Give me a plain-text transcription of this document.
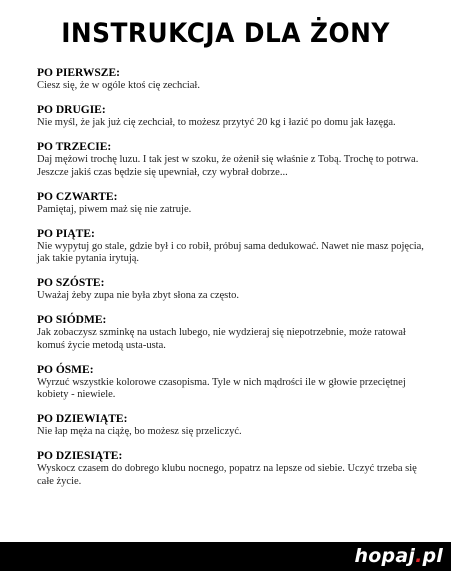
INSTRUKCJA DLA ŻONY
PO PIERWSZE:
Ciesz się, że w ogóle ktoś cię zechciał.
PO DRUGIE:
Nie myśl, że jak już cię zechciał, to możesz przytyć 20 kg i łazić po domu jak łazęga.
PO TRZECIE:
Daj mężowi trochę luzu. I tak jest w szoku, że ożenił się właśnie z Tobą. Trochę to potrwa. Jeszcze jakiś czas będzie się upewniał, czy wybrał dobrze...
PO CZWARTE:
Pamiętaj, piwem maż się nie zatruje.
PO PIĄTE:
Nie wypytuj go stale, gdzie był i co robił, próbuj sama dedukować. Nawet nie masz pojęcia, jak takie pytania irytują.
PO SZÓSTE:
Uważaj żeby zupa nie była zbyt słona za często.
PO SIÓDME:
Jak zobaczysz szminkę na ustach lubego, nie wydzieraj się niepotrzebnie, może ratował komuś życie metodą usta-usta.
PO ÓSME:
Wyrzuć wszystkie kolorowe czasopisma. Tyle w nich mądrości ile w głowie przeciętnej kobiety - niewiele.
PO DZIEWIĄTE:
Nie łap męża na ciążę, bo możesz się przeliczyć.
PO DZIESIĄTE:
Wyskocz czasem do dobrego klubu nocnego, popatrz na lepsze od siebie. Uczyć trzeba się całe życie.
hopaj.pl
